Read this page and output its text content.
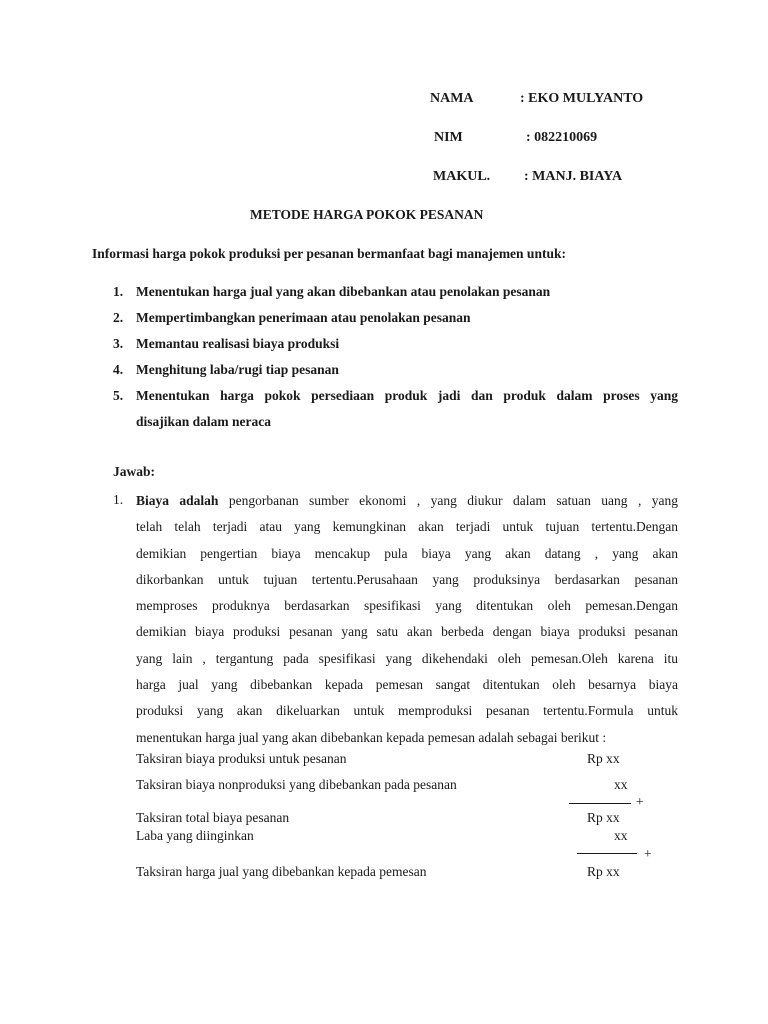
NAMA	: EKO MULYANTO
NIM	: 082210069
MAKUL. : MANJ. BIAYA
METODE HARGA POKOK PESANAN
Informasi harga pokok produksi per pesanan bermanfaat bagi manajemen untuk:
1. Menentukan harga jual yang akan dibebankan atau penolakan pesanan
2. Mempertimbangkan penerimaan atau penolakan pesanan
3. Memantau realisasi biaya produksi
4. Menghitung laba/rugi tiap pesanan
5. Menentukan harga pokok persediaan produk jadi dan produk dalam proses yang
disajikan dalam neraca
Jawab:
1. Biaya adalah pengorbanan sumber ekonomi , yang diukur dalam satuan uang , yang
telah telah terjadi atau yang kemungkinan akan terjadi untuk tujuan tertentu.Dengan
demikian pengertian biaya mencakup pula biaya yang akan datang , yang akan
dikorbankan untuk tujuan tertentu.Perusahaan yang produksinya berdasarkan pesanan
memproses produknya berdasarkan spesifikasi yang ditentukan oleh pemesan.Dengan
demikian biaya produksi pesanan yang satu akan berbeda dengan biaya produksi pesanan
yang lain , tergantung pada spesifikasi yang dikehendaki oleh pemesan.Oleh karena itu
harga jual yang dibebankan kepada pemesan sangat ditentukan oleh besarnya biaya
produksi yang akan dikeluarkan untuk memproduksi pesanan tertentu.Formula untuk
menentukan harga jual yang akan dibebankan kepada pemesan adalah sebagai berikut :
Taksiran biaya produksi untuk pesanan	Rp xx
Taksiran biaya nonproduksi yang dibebankan pada pesanan	xx
+
Taksiran total biaya pesanan	Rp xx
Laba yang diinginkan	xx
+
Taksiran harga jual yang dibebankan kepada pemesan	Rp xx
